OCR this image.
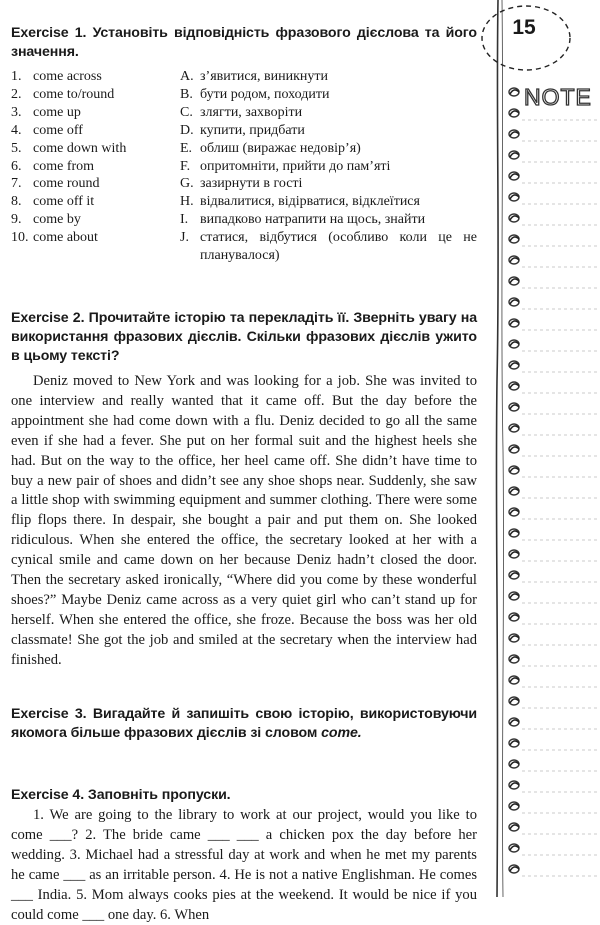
Exercise 1. Установіть відповідність фразового дієслова та його значення.
1. come across	A. з’явитися, виникнути
2. come to/round	B. бути родом, походити
3. come up	C. злягти, захворіти
4. come off	D. купити, придбати
5. come down with	E. облиш (виражає недовір’я)
6. come from	F. опритомніти, прийти до пам’яті
7. come round	G. зазирнути в гості
8. come off it	H. відвалитися, відірватися, відклеїтися
9. come by	I. випадково натрапити на щось, знайти
10. come about	J. статися, відбутися (особливо коли це не планувалося)
Exercise 2. Прочитайте історію та перекладіть її. Зверніть увагу на використання фразових дієслів. Скільки фразових дієслів ужито в цьому тексті?
Deniz moved to New York and was looking for a job. She was invited to one interview and really wanted that it came off. But the day before the appointment she had come down with a flu. Deniz decided to go all the same even if she had a fever. She put on her formal suit and the highest heels she had. But on the way to the office, her heel came off. She didn’t have time to buy a new pair of shoes and didn’t see any shoe shops near. Suddenly, she saw a little shop with swimming equipment and summer clothing. There were some flip flops there. In despair, she bought a pair and put them on. She looked ridiculous. When she entered the office, the secretary looked at her with a cynical smile and came down on her because Deniz hadn’t closed the door. Then the secretary asked ironically, “Where did you come by these wonderful shoes?” Maybe Deniz came across as a very quiet girl who can’t stand up for herself. When she entered the office, she froze. Because the boss was her old classmate! She got the job and smiled at the secretary when the interview had finished.
Exercise 3. Вигадайте й запишіть свою історію, використовуючи якомога більше фразових дієслів зі словом come.
Exercise 4. Заповніть пропуски.
1. We are going to the library to work at our project, would you like to come ___? 2. The bride came ___ ___ a chicken pox the day before her wedding. 3. Michael had a stressful day at work and when he met my parents he came ___ as an irritable person. 4. He is not a native Englishman. He comes ___ India. 5. Mom always cooks pies at the weekend. It would be nice if you could come ___ one day. 6. When
15
NOTE
